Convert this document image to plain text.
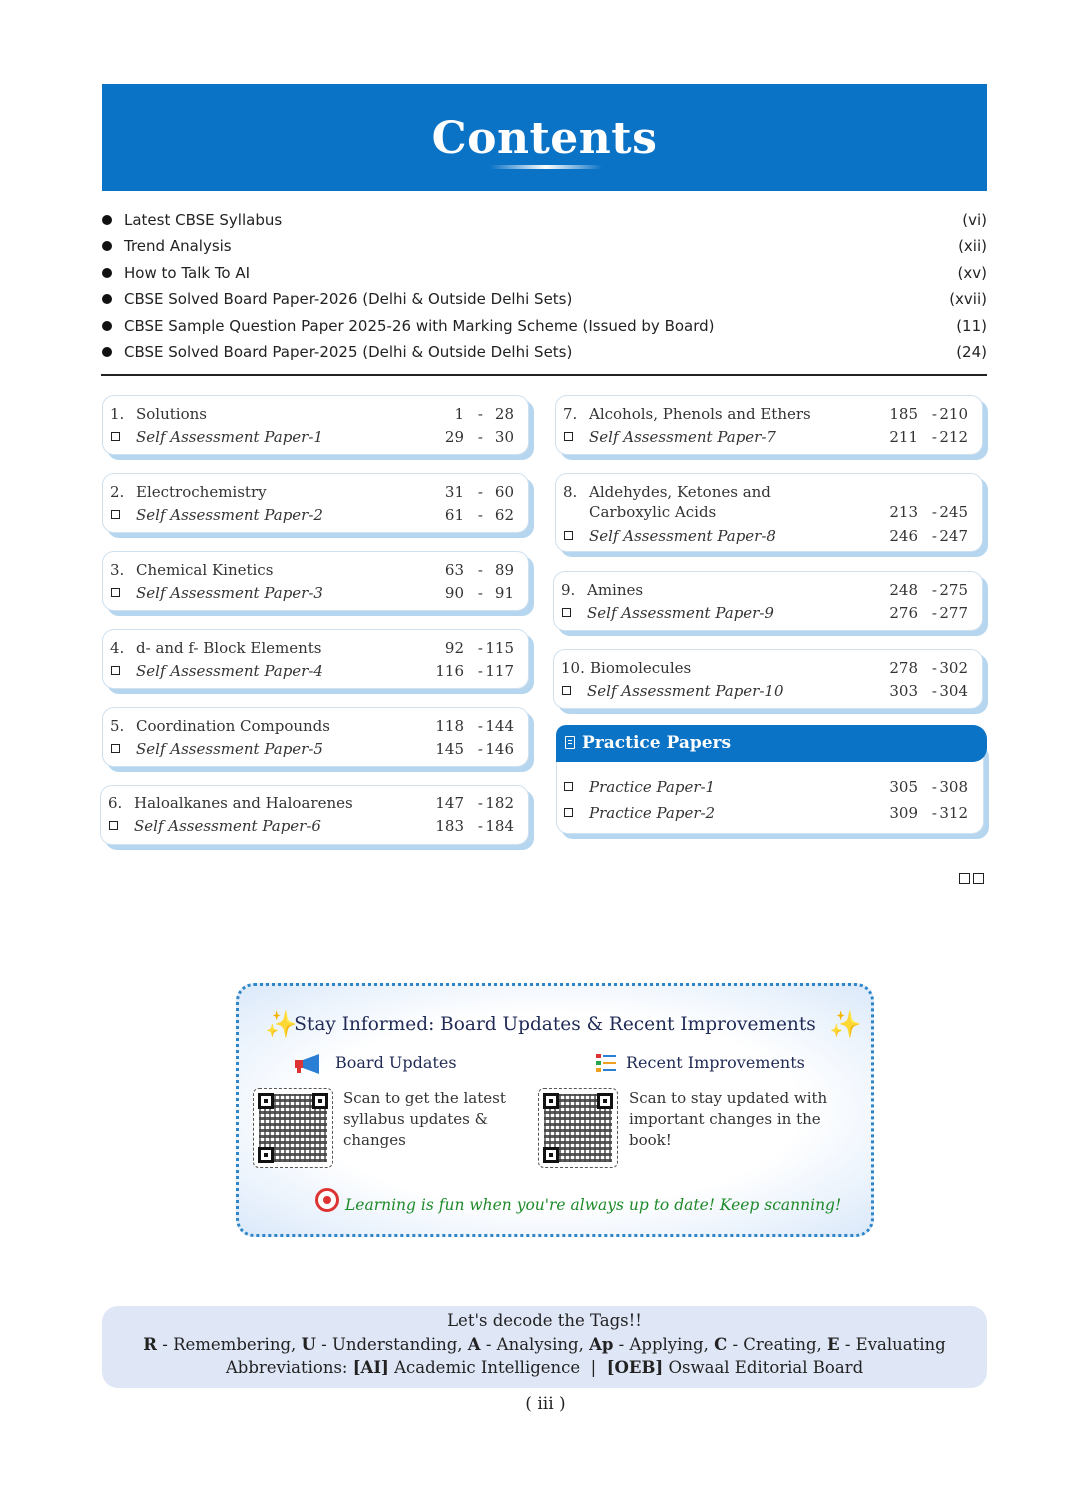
Contents
Latest CBSE Syllabus	(vi)
Trend Analysis	(xii)
How to Talk To AI	(xv)
CBSE Solved Board Paper-2026 (Delhi & Outside Delhi Sets)	(xvii)
CBSE Sample Question Paper 2025-26 with Marking Scheme (Issued by Board)	(11)
CBSE Solved Board Paper-2025 (Delhi & Outside Delhi Sets)	(24)
1. Solutions	1 - 28
Self Assessment Paper-1	29 - 30
2. Electrochemistry	31 - 60
Self Assessment Paper-2	61 - 62
3. Chemical Kinetics	63 - 89
Self Assessment Paper-3	90 - 91
4. d- and f- Block Elements	92 - 115
Self Assessment Paper-4	116 - 117
5. Coordination Compounds	118 - 144
Self Assessment Paper-5	145 - 146
6. Haloalkanes and Haloarenes	147 - 182
Self Assessment Paper-6	183 - 184
7. Alcohols, Phenols and Ethers	185 - 210
Self Assessment Paper-7	211 - 212
8. Aldehydes, Ketones and
Carboxylic Acids	213 - 245
Self Assessment Paper-8	246 - 247
9. Amines	248 - 275
Self Assessment Paper-9	276 - 277
10. Biomolecules	278 - 302
Self Assessment Paper-10	303 - 304
Practice Papers
Practice Paper-1	305 - 308
Practice Paper-2	309 - 312
✨
Stay Informed: Board Updates & Recent Improvements ✨
Board Updates	Recent Improvements
Scan to get the latest
syllabus updates &
changes
Scan to stay updated with
important changes in the
book!
Learning is fun when you're always up to date! Keep scanning!
Let's decode the Tags!!
R - Remembering, U - Understanding, A - Analysing, Ap - Applying, C - Creating, E - Evaluating
Abbreviations: [AI] Academic Intelligence  |  [OEB] Oswaal Editorial Board
( iii )
